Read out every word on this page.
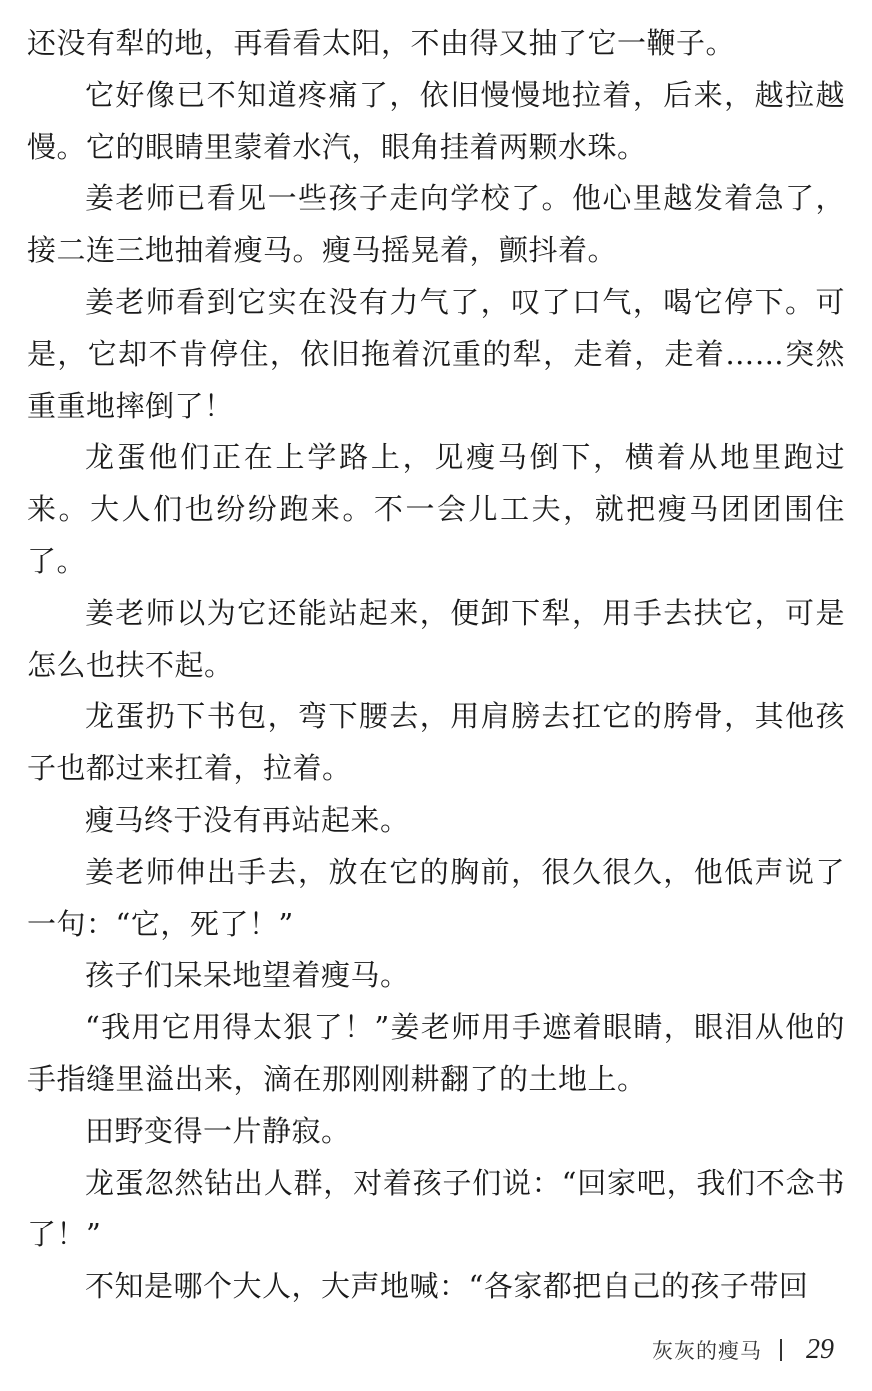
还没有犁的地，再看看太阳，不由得又抽了它一鞭子。

它好像已不知道疼痛了，依旧慢慢地拉着，后来，越拉越慢。它的眼睛里蒙着水汽，眼角挂着两颗水珠。

姜老师已看见一些孩子走向学校了。他心里越发着急了，接二连三地抽着瘦马。瘦马摇晃着，颤抖着。

姜老师看到它实在没有力气了，叹了口气，喝它停下。可是，它却不肯停住，依旧拖着沉重的犁，走着，走着……突然重重地摔倒了！

龙蛋他们正在上学路上，见瘦马倒下，横着从地里跑过来。大人们也纷纷跑来。不一会儿工夫，就把瘦马团团围住了。

姜老师以为它还能站起来，便卸下犁，用手去扶它，可是怎么也扶不起。

龙蛋扔下书包，弯下腰去，用肩膀去扛它的胯骨，其他孩子也都过来扛着，拉着。

瘦马终于没有再站起来。

姜老师伸出手去，放在它的胸前，很久很久，他低声说了一句：“它，死了！”

孩子们呆呆地望着瘦马。

“我用它用得太狠了！”姜老师用手遮着眼睛，眼泪从他的手指缝里溢出来，滴在那刚刚耕翻了的土地上。

田野变得一片静寂。

龙蛋忽然钻出人群，对着孩子们说：“回家吧，我们不念书了！”

不知是哪个大人，大声地喊：“各家都把自己的孩子带回

灰灰的瘦马 29
